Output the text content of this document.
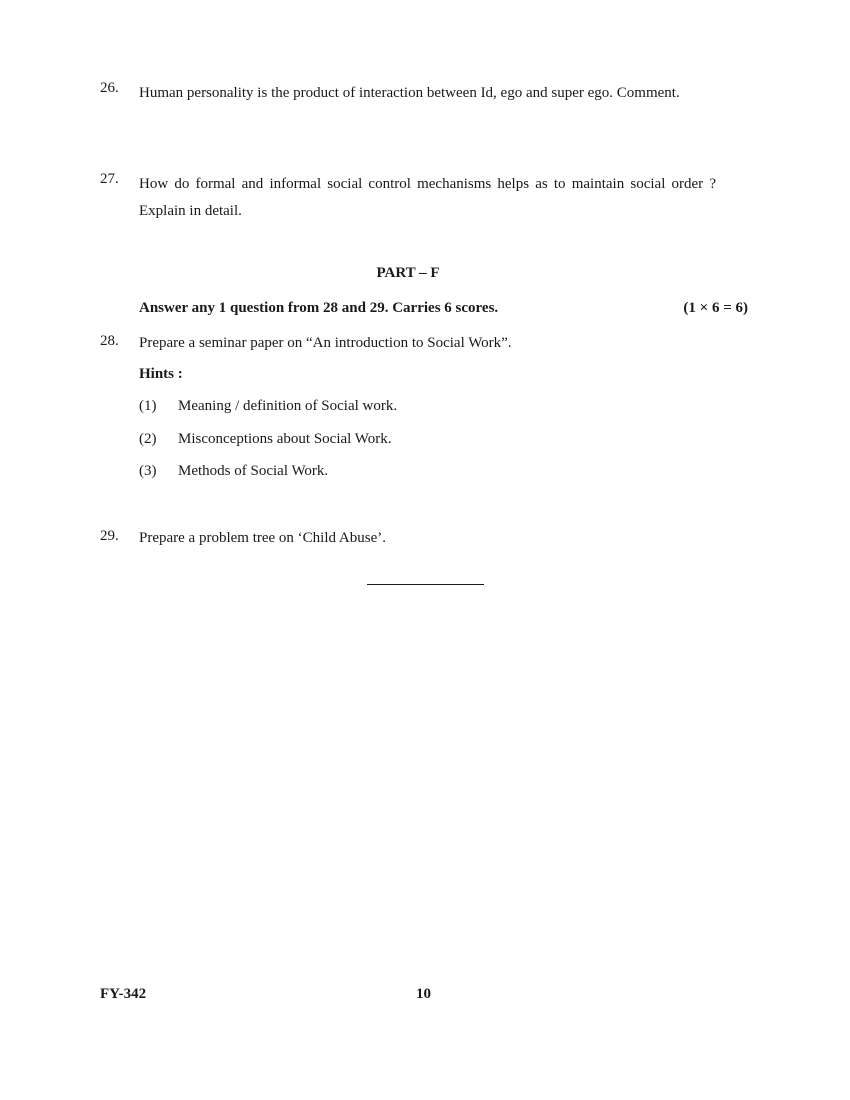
26. Human personality is the product of interaction between Id, ego and super ego. Comment.
27. How do formal and informal social control mechanisms helps as to maintain social order ? Explain in detail.
PART – F
Answer any 1 question from 28 and 29. Carries 6 scores.	(1 × 6 = 6)
28. Prepare a seminar paper on “An introduction to Social Work”.
Hints :
(1) Meaning / definition of Social work.
(2) Misconceptions about Social Work.
(3) Methods of Social Work.
29. Prepare a problem tree on ‘Child Abuse’.
FY-342	10
